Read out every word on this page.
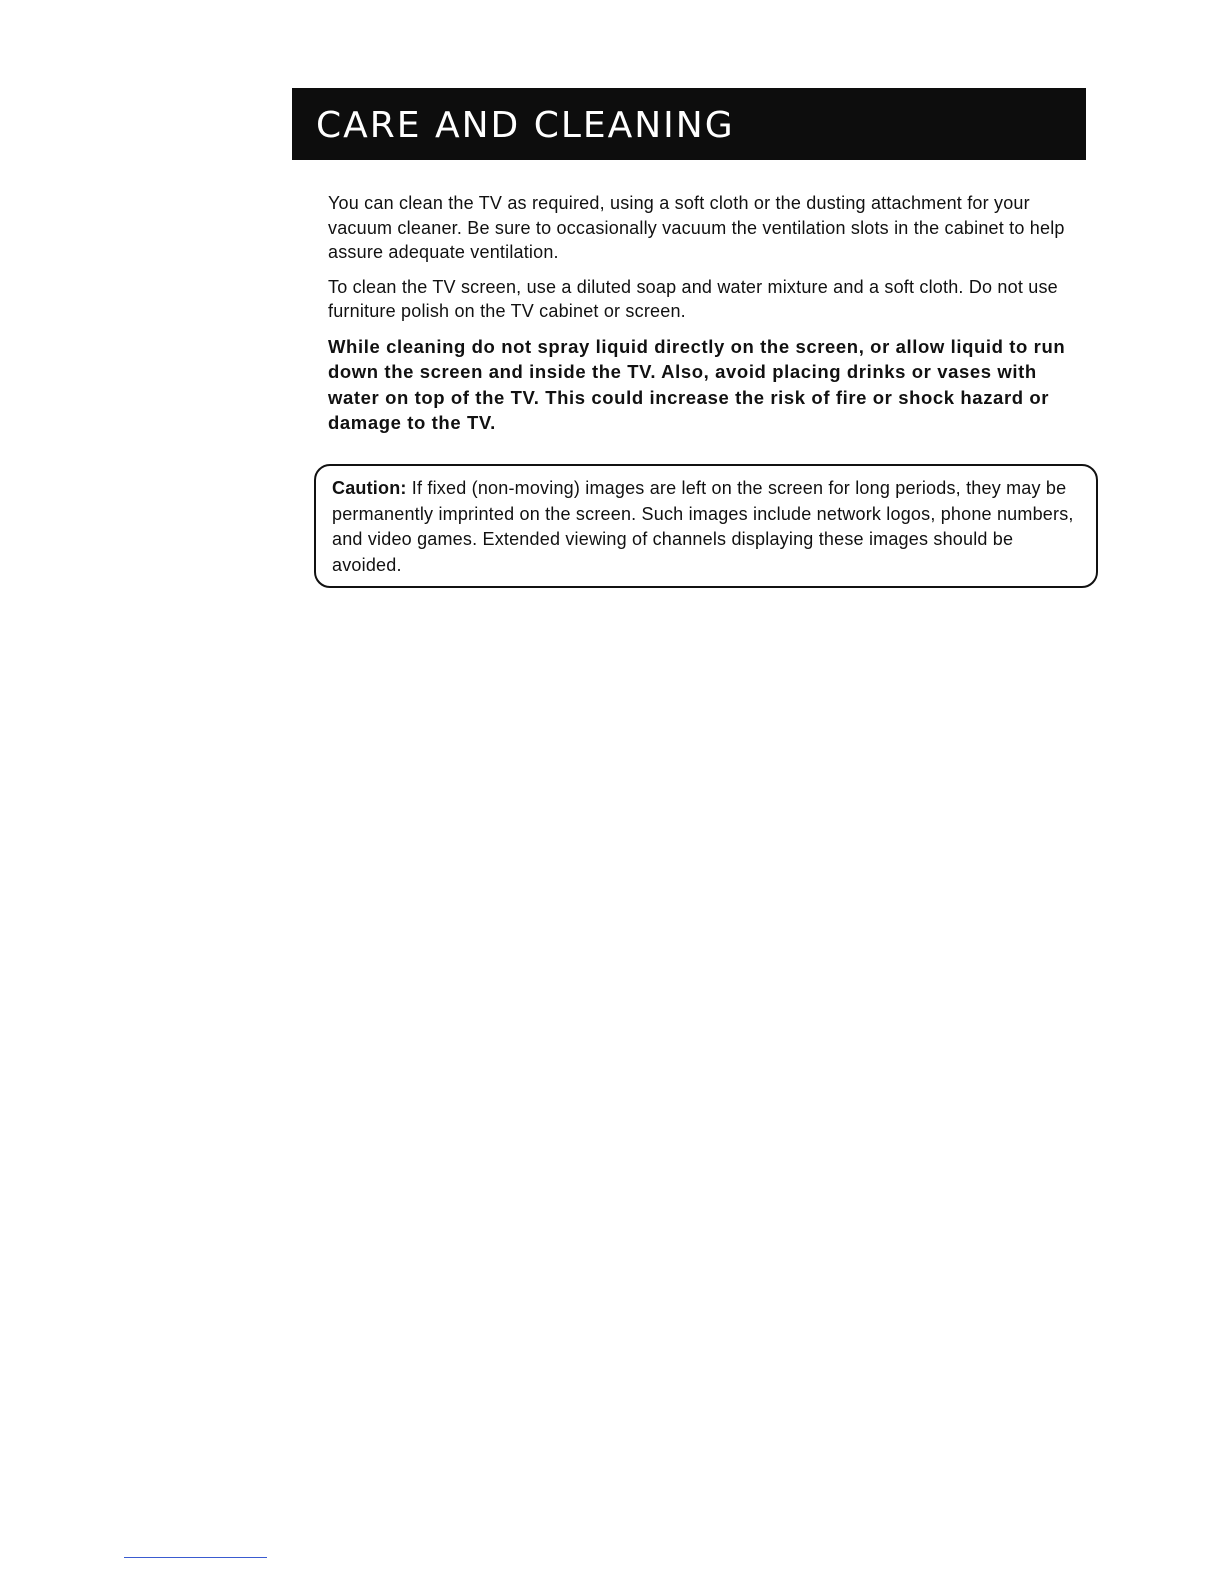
CARE AND CLEANING

You can clean the TV as required, using a soft cloth or the dusting attachment for your vacuum cleaner. Be sure to occasionally vacuum the ventilation slots in the cabinet to help assure adequate ventilation.

To clean the TV screen, use a diluted soap and water mixture and a soft cloth. Do not use furniture polish on the TV cabinet or screen.

While cleaning do not spray liquid directly on the screen, or allow liquid to run down the screen and inside the TV. Also, avoid placing drinks or vases with water on top of the TV. This could increase the risk of fire or shock hazard or damage to the TV.

Caution: If fixed (non-moving) images are left on the screen for long periods, they may be permanently imprinted on the screen. Such images include network logos, phone numbers, and video games. Extended viewing of channels displaying these images should be avoided.
